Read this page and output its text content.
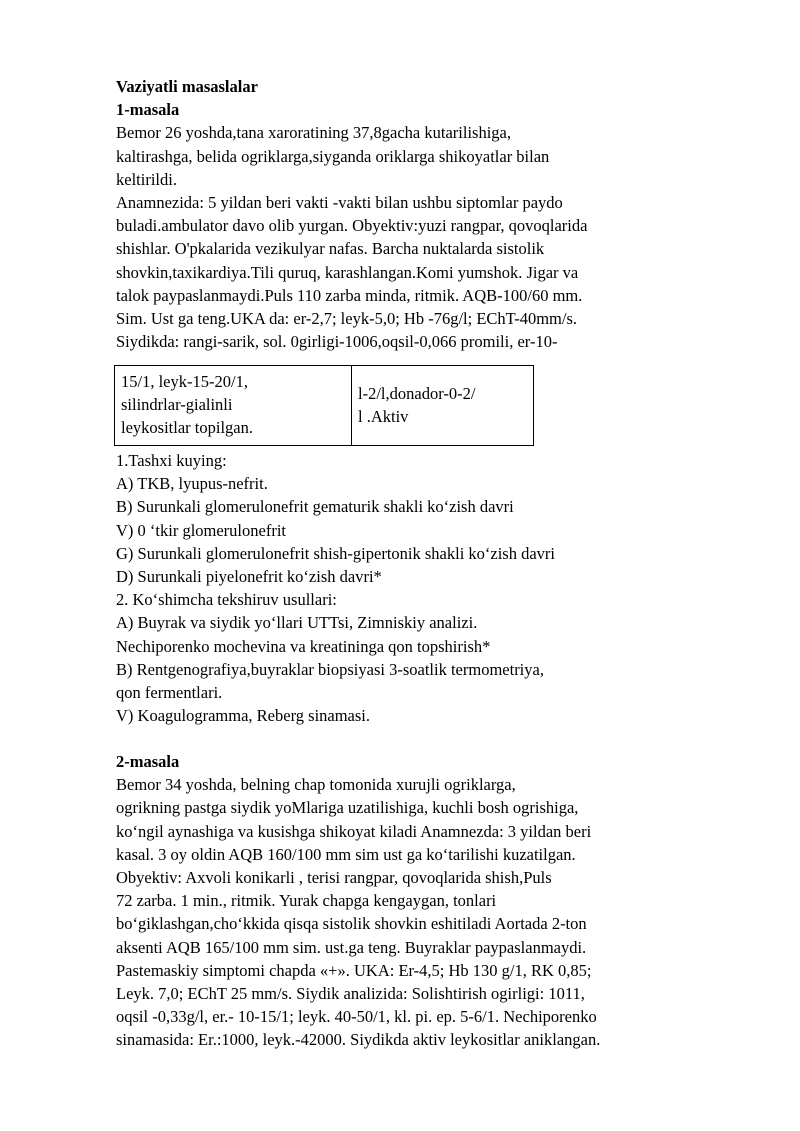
Vaziyatli masaslalar
1-masala
Bemor 26 yoshda,tana xaroratining 37,8gacha kutarilishiga,
kaltirashga, belida ogriklarga,siyganda oriklarga shikoyatlar bilan
keltirildi.
Anamnezida: 5 yildan beri vakti -vakti bilan ushbu siptomlar paydo
buladi.ambulator davo olib yurgan. Obyektiv:yuzi rangpar, qovoqlarida
shishlar. O'pkalarida vezikulyar nafas. Barcha nuktalarda sistolik
shovkin,taxikardiya.Tili quruq, karashlangan.Komi yumshok. Jigar va
talok paypaslanmaydi.Puls 110 zarba minda, ritmik. AQB-100/60 mm.
Sim. Ust ga teng.UKA da: er-2,7; leyk-5,0; Hb -76g/l; EChT-40mm/s.
Siydikda: rangi-sarik, sol. 0girligi-1006,oqsil-0,066 promili, er-10-
15/1, leyk-15-20/1,
silindrlar-gialinli
leykositlar topilgan.
l-2/l,donador-0-2/
l .Aktiv
1.Tashxi kuying:
A) TKB, lyupus-nefrit.
B) Surunkali glomerulonefrit gematurik shakli ko‘zish davri
V) 0 ‘tkir glomerulonefrit
G) Surunkali glomerulonefrit shish-gipertonik shakli ko‘zish davri
D) Surunkali piyelonefrit ko‘zish davri*
2. Ko‘shimcha tekshiruv usullari:
A) Buyrak va siydik yo‘llari UTTsi, Zimniskiy analizi.
Nechiporenko mochevina va kreatininga qon topshirish*
B) Rentgenografiya,buyraklar biopsiyasi 3-soatlik termometriya,
qon fermentlari.
V) Koagulogramma, Reberg sinamasi.
2-masala
Bemor 34 yoshda, belning chap tomonida xurujli ogriklarga,
ogrikning pastga siydik yoMlariga uzatilishiga, kuchli bosh ogrishiga,
ko‘ngil aynashiga va kusishga shikoyat kiladi Anamnezda: 3 yildan beri
kasal. 3 oy oldin AQB 160/100 mm sim ust ga ko‘tarilishi kuzatilgan.
Obyektiv: Axvoli konikarli , terisi rangpar, qovoqlarida shish,Puls
72 zarba. 1 min., ritmik. Yurak chapga kengaygan, tonlari
bo‘giklashgan,cho‘kkida qisqa sistolik shovkin eshitiladi Aortada 2-ton
aksenti AQB 165/100 mm sim. ust.ga teng. Buyraklar paypaslanmaydi.
Pastemaskiy simptomi chapda «+». UKA: Er-4,5; Hb 130 g/1, RK 0,85;
Leyk. 7,0; EChT 25 mm/s. Siydik analizida: Solishtirish ogirligi: 1011,
oqsil -0,33g/l, er.- 10-15/1; leyk. 40-50/1, kl. pi. ep. 5-6/1. Nechiporenko
sinamasida: Er.:1000, leyk.-42000. Siydikda aktiv leykositlar aniklangan.
